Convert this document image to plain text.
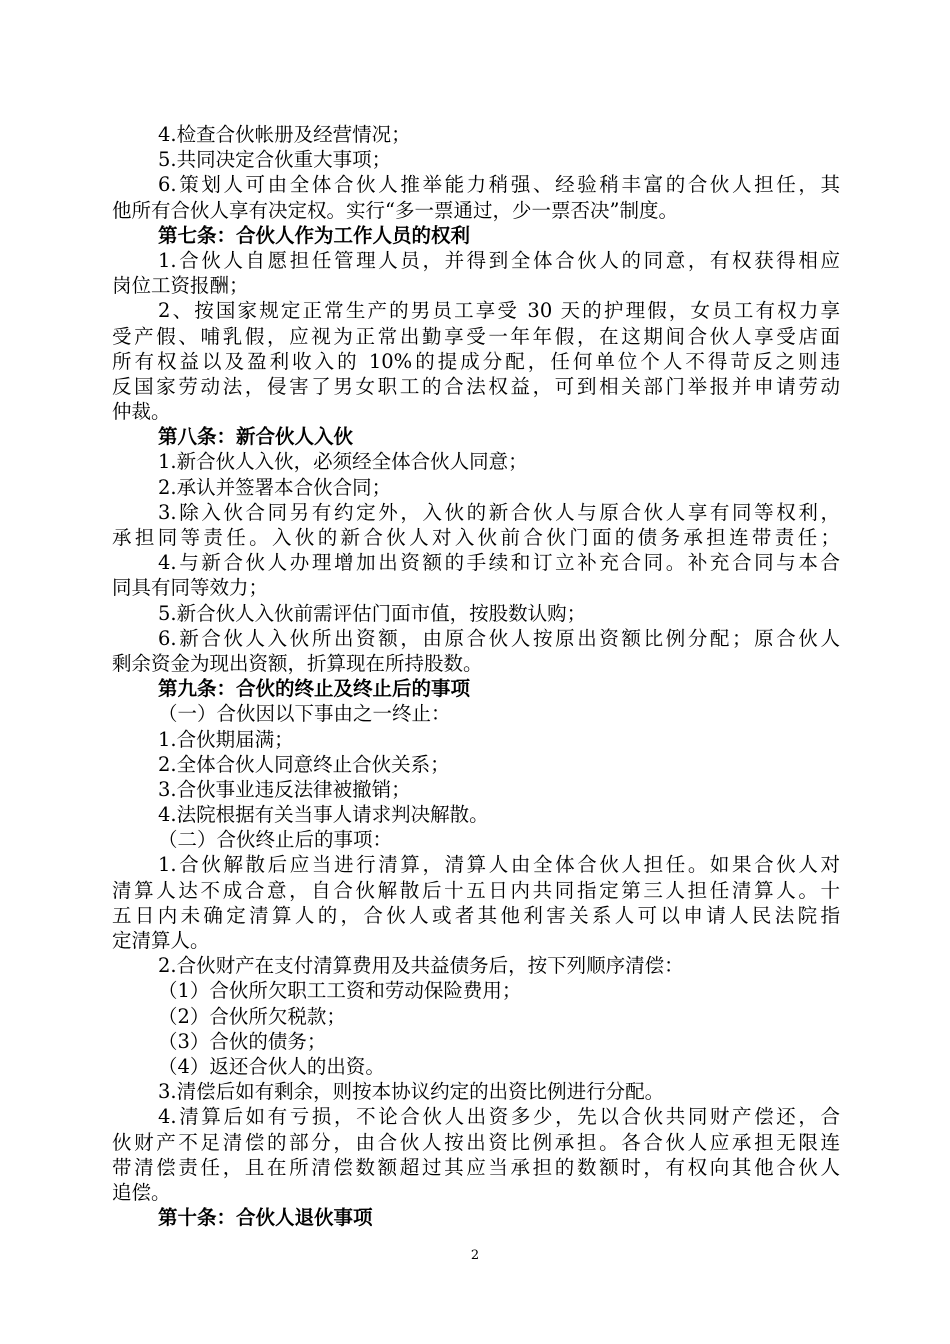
4.检查合伙帐册及经营情况；
5.共同决定合伙重大事项；
6.策划人可由全体合伙人推举能力稍强、经验稍丰富的合伙人担任，其
他所有合伙人享有决定权。实行“多一票通过，少一票否决”制度。
第七条：合伙人作为工作人员的权利
1.合伙人自愿担任管理人员，并得到全体合伙人的同意，有权获得相应
岗位工资报酬；
2、按国家规定正常生产的男员工享受 30 天的护理假，女员工有权力享
受产假、哺乳假，应视为正常出勤享受一年年假，在这期间合伙人享受店面
所有权益以及盈利收入的 10%的提成分配，任何单位个人不得苛反之则违
反国家劳动法，侵害了男女职工的合法权益，可到相关部门举报并申请劳动
仲裁。
第八条：新合伙人入伙
1.新合伙人入伙，必须经全体合伙人同意；
2.承认并签署本合伙合同；
3.除入伙合同另有约定外，入伙的新合伙人与原合伙人享有同等权利，
承担同等责任。入伙的新合伙人对入伙前合伙门面的债务承担连带责任；
4.与新合伙人办理增加出资额的手续和订立补充合同。补充合同与本合
同具有同等效力；
5.新合伙人入伙前需评估门面市值，按股数认购；
6.新合伙人入伙所出资额，由原合伙人按原出资额比例分配；原合伙人
剩余资金为现出资额，折算现在所持股数。
第九条：合伙的终止及终止后的事项
（一）合伙因以下事由之一终止：
1.合伙期届满；
2.全体合伙人同意终止合伙关系；
3.合伙事业违反法律被撤销；
4.法院根据有关当事人请求判决解散。
（二）合伙终止后的事项：
1.合伙解散后应当进行清算，清算人由全体合伙人担任。如果合伙人对
清算人达不成合意，自合伙解散后十五日内共同指定第三人担任清算人。十
五日内未确定清算人的，合伙人或者其他利害关系人可以申请人民法院指
定清算人。
2.合伙财产在支付清算费用及共益债务后，按下列顺序清偿：
（1）合伙所欠职工工资和劳动保险费用；
（2）合伙所欠税款；
（3）合伙的债务；
（4）返还合伙人的出资。
3.清偿后如有剩余，则按本协议约定的出资比例进行分配。
4.清算后如有亏损，不论合伙人出资多少，先以合伙共同财产偿还，合
伙财产不足清偿的部分，由合伙人按出资比例承担。各合伙人应承担无限连
带清偿责任，且在所清偿数额超过其应当承担的数额时，有权向其他合伙人
追偿。
第十条：合伙人退伙事项
2
